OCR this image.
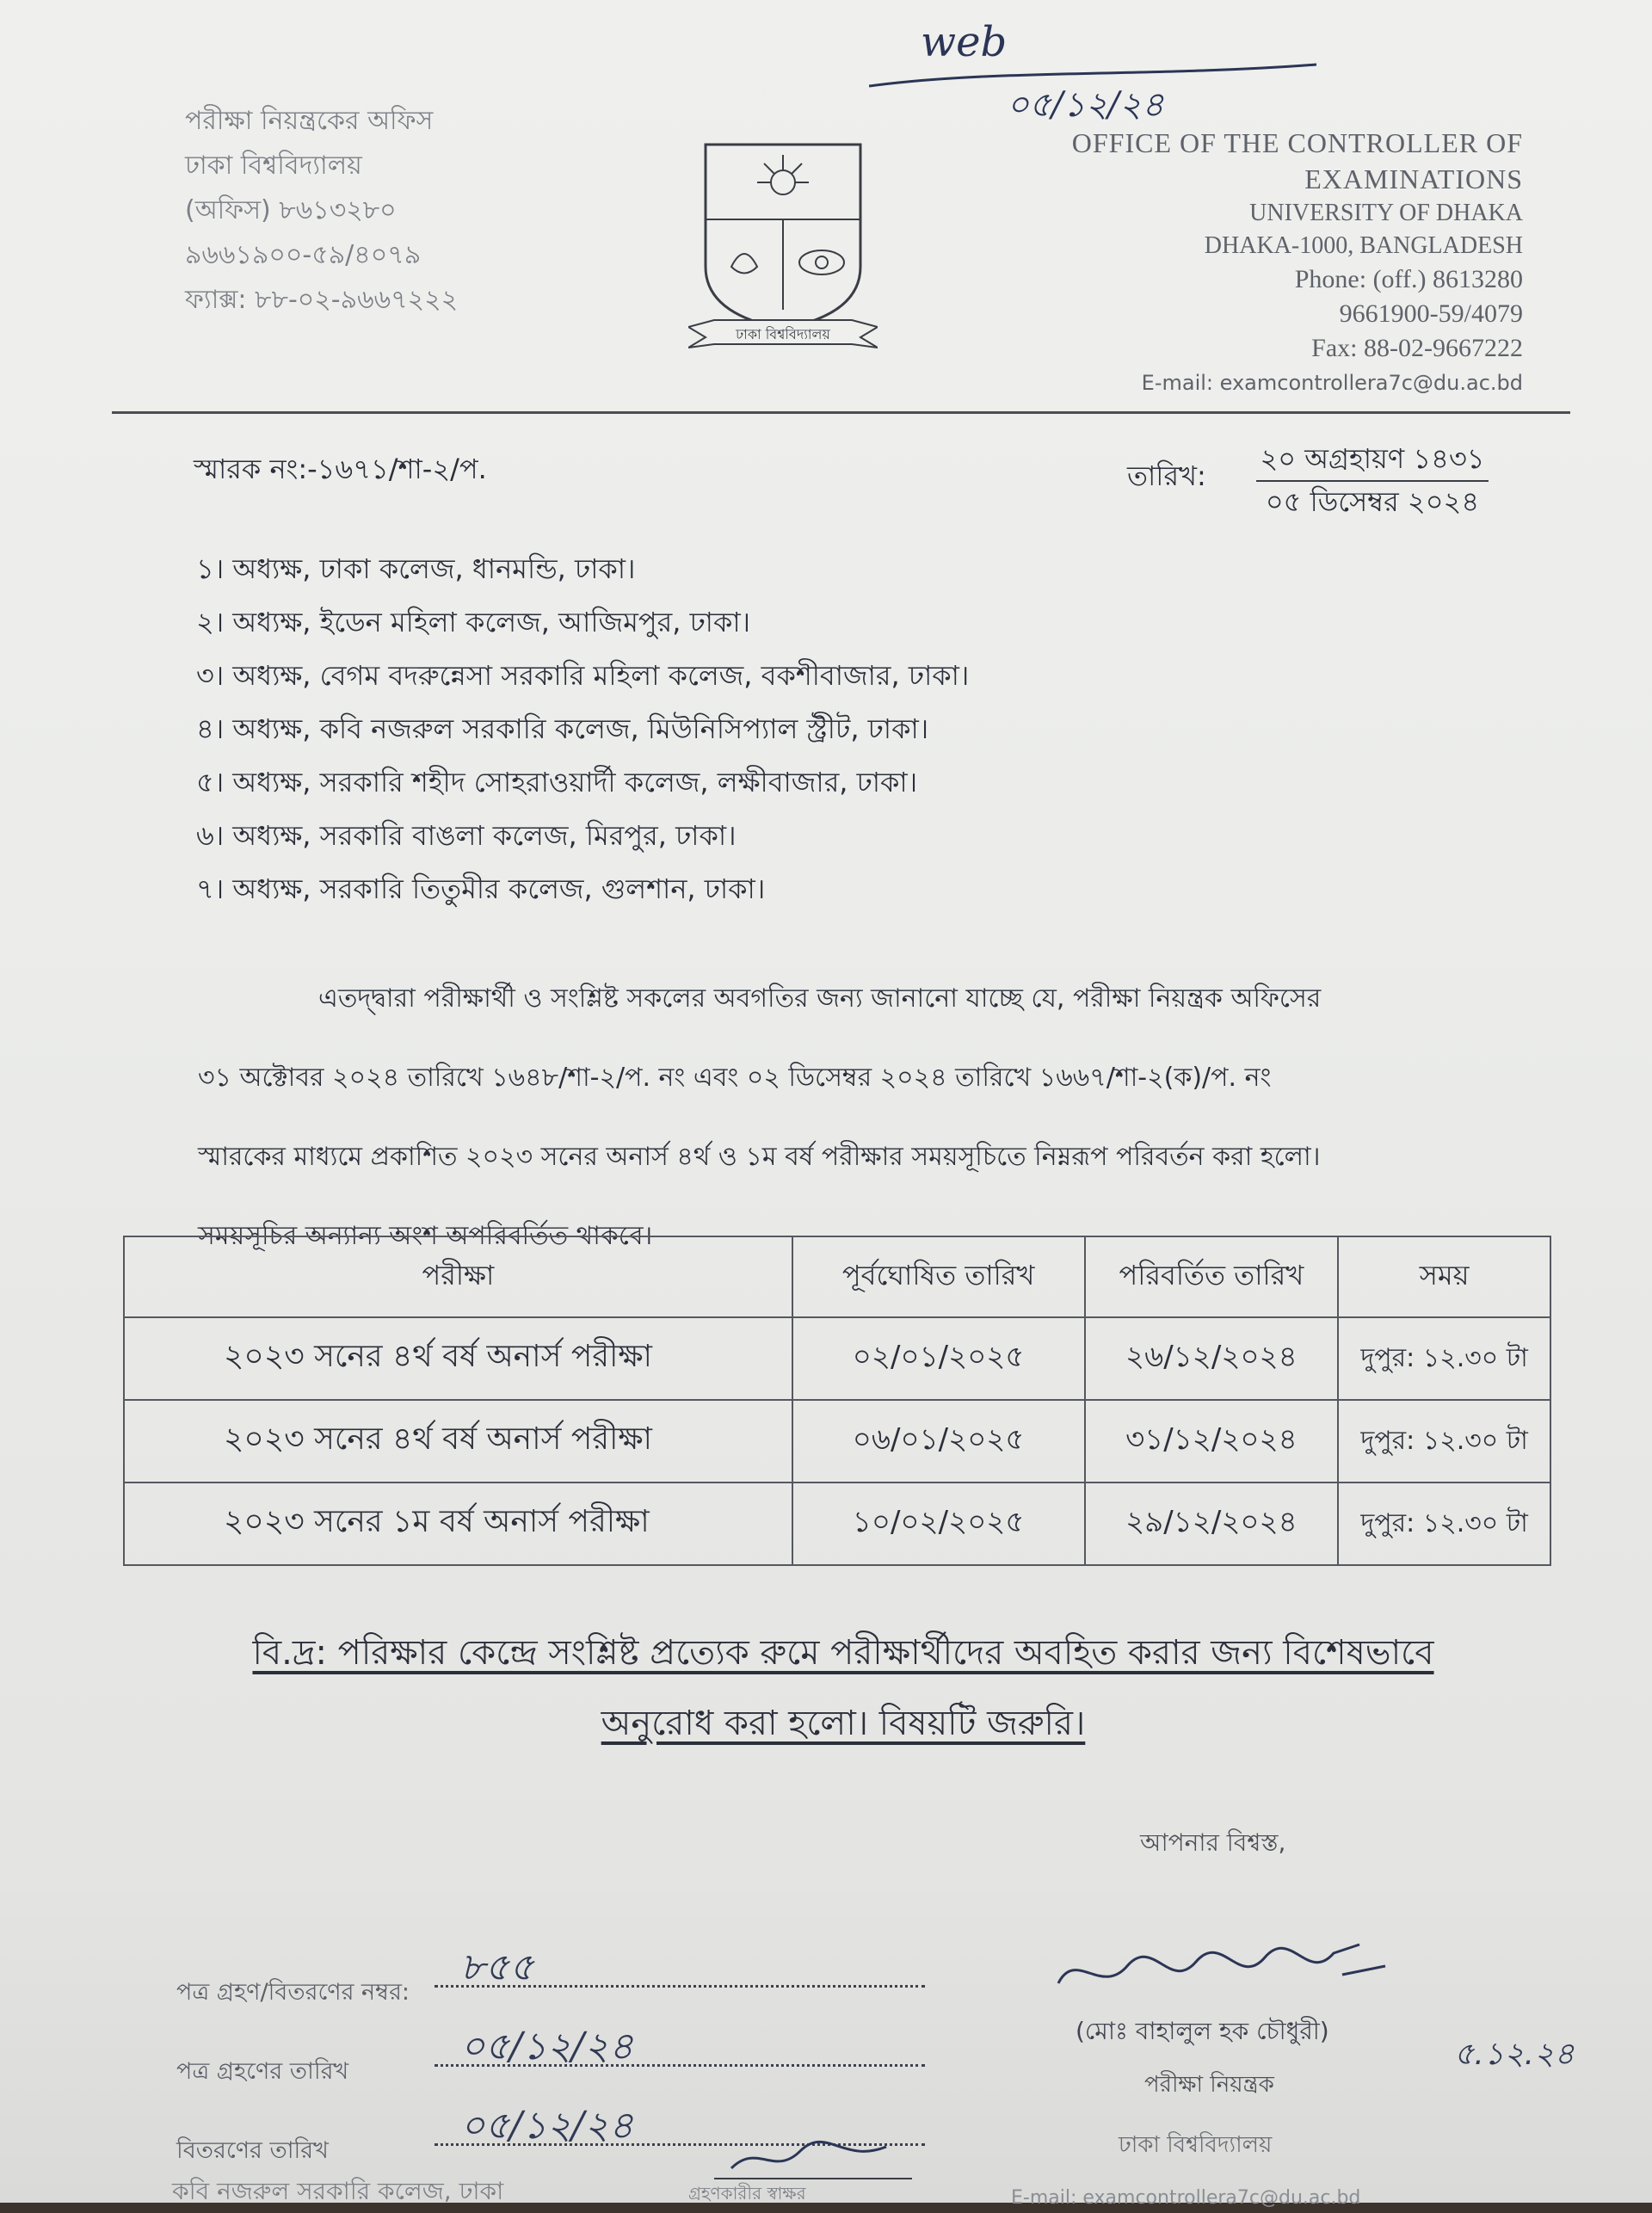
web
০৫/১২/২৪
পরীক্ষা নিয়ন্ত্রকের অফিস
ঢাকা বিশ্ববিদ্যালয়
(অফিস) ৮৬১৩২৮০
৯৬৬১৯০০-৫৯/৪০৭৯
ফ্যাক্স: ৮৮-০২-৯৬৬৭২২২
ঢাকা বিশ্ববিদ্যালয়
OFFICE OF THE CONTROLLER OF
EXAMINATIONS
UNIVERSITY OF DHAKA
DHAKA-1000, BANGLADESH
Phone: (off.) 8613280
9661900-59/4079
Fax: 88-02-9667222
E-mail: examcontrollera7c@du.ac.bd
স্মারক নং:-১৬৭১/শা-২/প.	তারিখ:
২০ অগ্রহায়ণ ১৪৩১
০৫ ডিসেম্বর ২০২৪
১। অধ্যক্ষ, ঢাকা কলেজ, ধানমন্ডি, ঢাকা।
২। অধ্যক্ষ, ইডেন মহিলা কলেজ, আজিমপুর, ঢাকা।
৩। অধ্যক্ষ, বেগম বদরুন্নেসা সরকারি মহিলা কলেজ, বকশীবাজার, ঢাকা।
৪। অধ্যক্ষ, কবি নজরুল সরকারি কলেজ, মিউনিসিপ্যাল স্ট্রীট, ঢাকা।
৫। অধ্যক্ষ, সরকারি শহীদ সোহরাওয়ার্দী কলেজ, লক্ষীবাজার, ঢাকা।
৬। অধ্যক্ষ, সরকারি বাঙলা কলেজ, মিরপুর, ঢাকা।
৭। অধ্যক্ষ, সরকারি তিতুমীর কলেজ, গুলশান, ঢাকা।
এতদ্দ্বারা পরীক্ষার্থী ও সংশ্লিষ্ট সকলের অবগতির জন্য জানানো যাচ্ছে যে, পরীক্ষা নিয়ন্ত্রক অফিসের
৩১ অক্টোবর ২০২৪ তারিখে ১৬৪৮/শা-২/প. নং এবং ০২ ডিসেম্বর ২০২৪ তারিখে ১৬৬৭/শা-২(ক)/প. নং
স্মারকের মাধ্যমে প্রকাশিত ২০২৩ সনের অনার্স ৪র্থ ও ১ম বর্ষ পরীক্ষার সময়সূচিতে নিম্নরূপ পরিবর্তন করা হলো।
সময়সূচির অন্যান্য অংশ অপরিবর্তিত থাকবে।
পরীক্ষা	পূর্বঘোষিত তারিখ	পরিবর্তিত তারিখ	সময়
২০২৩ সনের ৪র্থ বর্ষ অনার্স পরীক্ষা	০২/০১/২০২৫	২৬/১২/২০২৪	দুপুর: ১২.৩০ টা
২০২৩ সনের ৪র্থ বর্ষ অনার্স পরীক্ষা	০৬/০১/২০২৫	৩১/১২/২০২৪	দুপুর: ১২.৩০ টা
২০২৩ সনের ১ম বর্ষ অনার্স পরীক্ষা	১০/০২/২০২৫	২৯/১২/২০২৪	দুপুর: ১২.৩০ টা
বি.দ্র: পরিক্ষার কেন্দ্রে সংশ্লিষ্ট প্রত্যেক রুমে পরীক্ষার্থীদের অবহিত করার জন্য বিশেষভাবে
অনুরোধ করা হলো। বিষয়টি জরুরি।
আপনার বিশ্বস্ত,
(মোঃ বাহালুল হক চৌধুরী)
পরীক্ষা নিয়ন্ত্রক
৫.১২.২৪
ঢাকা বিশ্ববিদ্যালয়
E-mail: examcontrollera7c@du.ac.bd
পত্র গ্রহণ/বিতরণের নম্বর:
৮৫৫
পত্র গ্রহণের তারিখ
০৫/১২/২৪
বিতরণের তারিখ
০৫/১২/২৪
গ্রহণকারীর স্বাক্ষর
কবি নজরুল সরকারি কলেজ, ঢাকা
